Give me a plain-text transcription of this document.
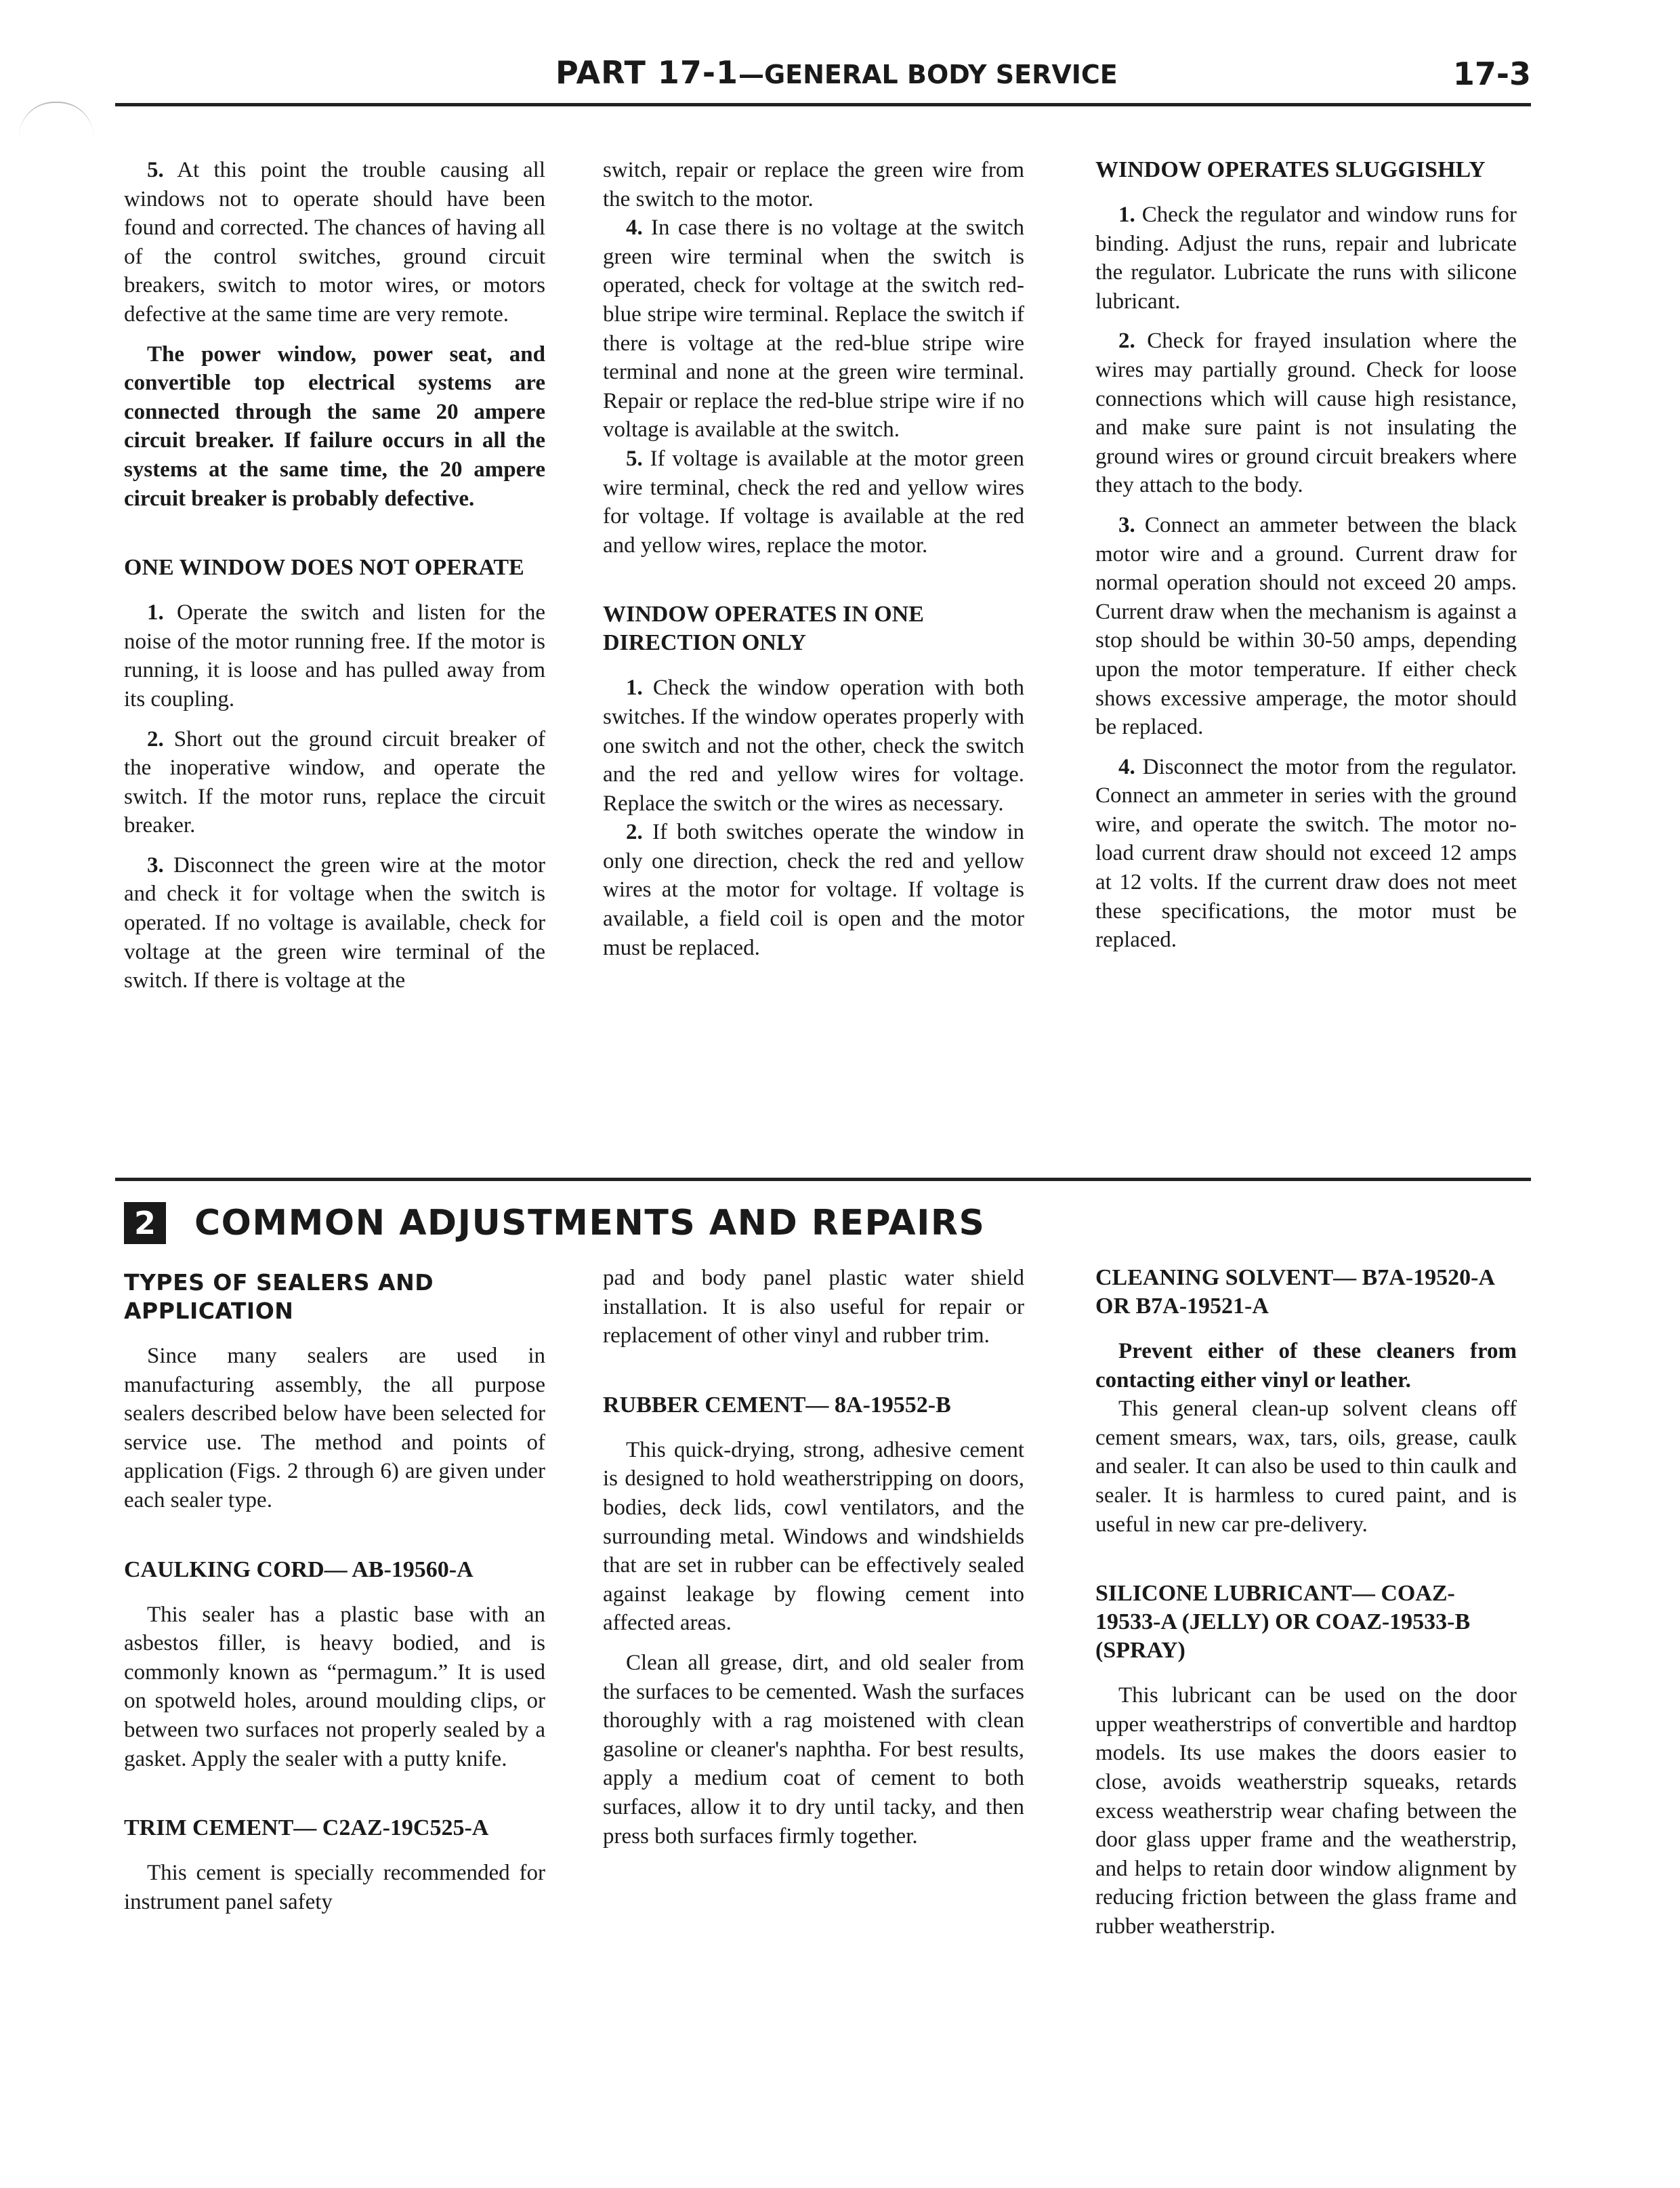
PART 17-1—GENERAL BODY SERVICE	17-3

5. At this point the trouble causing all windows not to operate should have been found and corrected. The chances of having all of the control switches, ground circuit breakers, switch to motor wires, or motors defective at the same time are very remote.

The power window, power seat, and convertible top electrical systems are connected through the same 20 ampere circuit breaker. If failure occurs in all the systems at the same time, the 20 ampere circuit breaker is probably defective.

ONE WINDOW DOES NOT OPERATE

1. Operate the switch and listen for the noise of the motor running free. If the motor is running, it is loose and has pulled away from its coupling.

2. Short out the ground circuit breaker of the inoperative window, and operate the switch. If the motor runs, replace the circuit breaker.

3. Disconnect the green wire at the motor and check it for voltage when the switch is operated. If no voltage is available, check for voltage at the green wire terminal of the switch. If there is voltage at the

switch, repair or replace the green wire from the switch to the motor.

4. In case there is no voltage at the switch green wire terminal when the switch is operated, check for voltage at the switch red-blue stripe wire terminal. Replace the switch if there is voltage at the red-blue stripe wire terminal and none at the green wire terminal. Repair or replace the red-blue stripe wire if no voltage is available at the switch.

5. If voltage is available at the motor green wire terminal, check the red and yellow wires for voltage. If voltage is available at the red and yellow wires, replace the motor.

WINDOW OPERATES IN ONE DIRECTION ONLY

1. Check the window operation with both switches. If the window operates properly with one switch and not the other, check the switch and the red and yellow wires for voltage. Replace the switch or the wires as necessary.

2. If both switches operate the window in only one direction, check the red and yellow wires at the motor for voltage. If voltage is available, a field coil is open and the motor must be replaced.

WINDOW OPERATES SLUGGISHLY

1. Check the regulator and window runs for binding. Adjust the runs, repair and lubricate the regulator. Lubricate the runs with silicone lubricant.

2. Check for frayed insulation where the wires may partially ground. Check for loose connections which will cause high resistance, and make sure paint is not insulating the ground wires or ground circuit breakers where they attach to the body.

3. Connect an ammeter between the black motor wire and a ground. Current draw for normal operation should not exceed 20 amps. Current draw when the mechanism is against a stop should be within 30-50 amps, depending upon the motor temperature. If either check shows excessive amperage, the motor should be replaced.

4. Disconnect the motor from the regulator. Connect an ammeter in series with the ground wire, and operate the switch. The motor no-load current draw should not exceed 12 amps at 12 volts. If the current draw does not meet these specifications, the motor must be replaced.

2 COMMON ADJUSTMENTS AND REPAIRS
TYPES OF SEALERS AND APPLICATION

Since many sealers are used in manufacturing assembly, the all purpose sealers described below have been selected for service use. The method and points of application (Figs. 2 through 6) are given under each sealer type.

CAULKING CORD— AB-19560-A

This sealer has a plastic base with an asbestos filler, is heavy bodied, and is commonly known as “permagum.” It is used on spotweld holes, around moulding clips, or between two surfaces not properly sealed by a gasket. Apply the sealer with a putty knife.

TRIM CEMENT— C2AZ-19C525-A

This cement is specially recommended for instrument panel safety

pad and body panel plastic water shield installation. It is also useful for repair or replacement of other vinyl and rubber trim.

RUBBER CEMENT— 8A-19552-B

This quick-drying, strong, adhesive cement is designed to hold weatherstripping on doors, bodies, deck lids, cowl ventilators, and the surrounding metal. Windows and windshields that are set in rubber can be effectively sealed against leakage by flowing cement into affected areas.

Clean all grease, dirt, and old sealer from the surfaces to be cemented. Wash the surfaces thoroughly with a rag moistened with clean gasoline or cleaner's naphtha. For best results, apply a medium coat of cement to both surfaces, allow it to dry until tacky, and then press both surfaces firmly together.

CLEANING SOLVENT— B7A-19520-A OR B7A-19521-A

Prevent either of these cleaners from contacting either vinyl or leather.

This general clean-up solvent cleans off cement smears, wax, tars, oils, grease, caulk and sealer. It can also be used to thin caulk and sealer. It is harmless to cured paint, and is useful in new car pre-delivery.

SILICONE LUBRICANT— COAZ-19533-A (JELLY) OR COAZ-19533-B (SPRAY)

This lubricant can be used on the door upper weatherstrips of convertible and hardtop models. Its use makes the doors easier to close, avoids weatherstrip squeaks, retards excess weatherstrip wear chafing between the door glass upper frame and the weatherstrip, and helps to retain door window alignment by reducing friction between the glass frame and rubber weatherstrip.
